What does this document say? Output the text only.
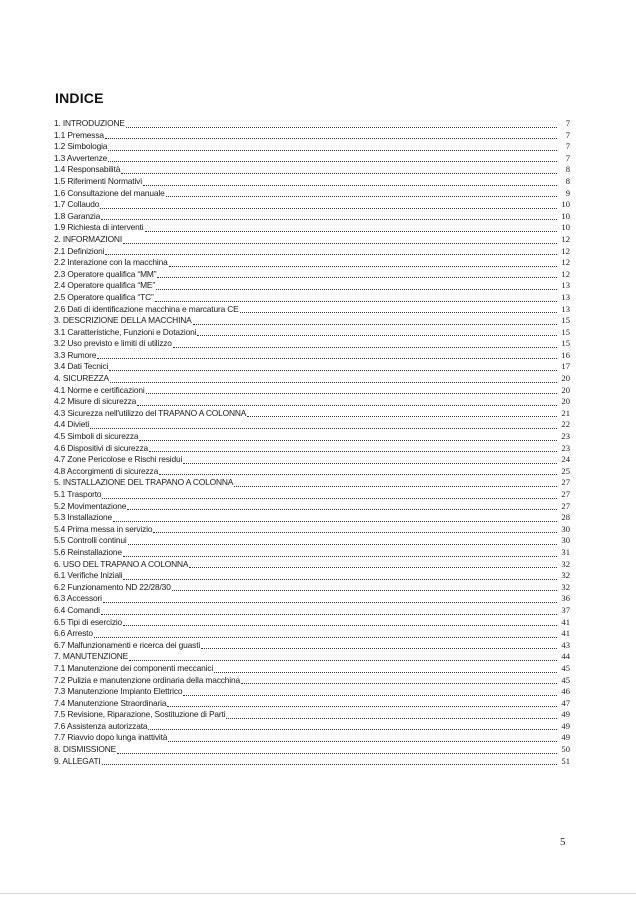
INDICE
1. INTRODUZIONE	7
1.1 Premessa	7
1.2 Simbologia	7
1.3 Avvertenze	7
1.4 Responsabilità	8
1.5 Riferimenti Normativi	8
1.6 Consultazione del manuale	9
1.7 Collaudo	10
1.8 Garanzia	10
1.9 Richiesta di interventi	10
2. INFORMAZIONI	12
2.1 Definizioni	12
2.2 Interazione con la macchina	12
2.3 Operatore qualifica “MM”	12
2.4 Operatore qualifica “ME”	13
2.5 Operatore qualifica “TC”	13
2.6 Dati di identificazione macchina e marcatura CE	13
3. DESCRIZIONE DELLA MACCHINA	15
3.1 Caratteristiche, Funzioni e Dotazioni	15
3.2 Uso previsto e limiti di utilizzo	15
3.3 Rumore	16
3.4 Dati Tecnici	17
4. SICUREZZA	20
4.1 Norme e certificazioni	20
4.2 Misure di sicurezza	20
4.3 Sicurezza nell'utilizzo del TRAPANO A COLONNA	21
4.4 Divieti	22
4.5 Simboli di sicurezza	23
4.6 Dispositivi di sicurezza	23
4.7 Zone Pericolose e Rischi residui	24
4.8 Accorgimenti di sicurezza	25
5. INSTALLAZIONE DEL TRAPANO A COLONNA	27
5.1 Trasporto	27
5.2 Movimentazione	27
5.3 Installazione	28
5.4 Prima messa in servizio	30
5.5 Controlli continui	30
5.6 Reinstallazione	31
6. USO DEL TRAPANO A COLONNA	32
6.1 Verifiche Iniziali	32
6.2 Funzionamento ND 22/28/30	32
6.3 Accessori	36
6.4 Comandi	37
6.5 Tipi di esercizio	41
6.6 Arresto	41
6.7 Malfunzionamenti e ricerca dei guasti	43
7. MANUTENZIONE	44
7.1 Manutenzione dei componenti meccanici	45
7.2 Pulizia e manutenzione ordinaria della macchina	45
7.3 Manutenzione Impianto Elettrico	46
7.4 Manutenzione Straordinaria	47
7.5 Revisione, Riparazione, Sostituzione di Parti	49
7.6 Assistenza autorizzata	49
7.7 Riavvio dopo lunga inattività	49
8. DISMISSIONE	50
9. ALLEGATI	51
5
